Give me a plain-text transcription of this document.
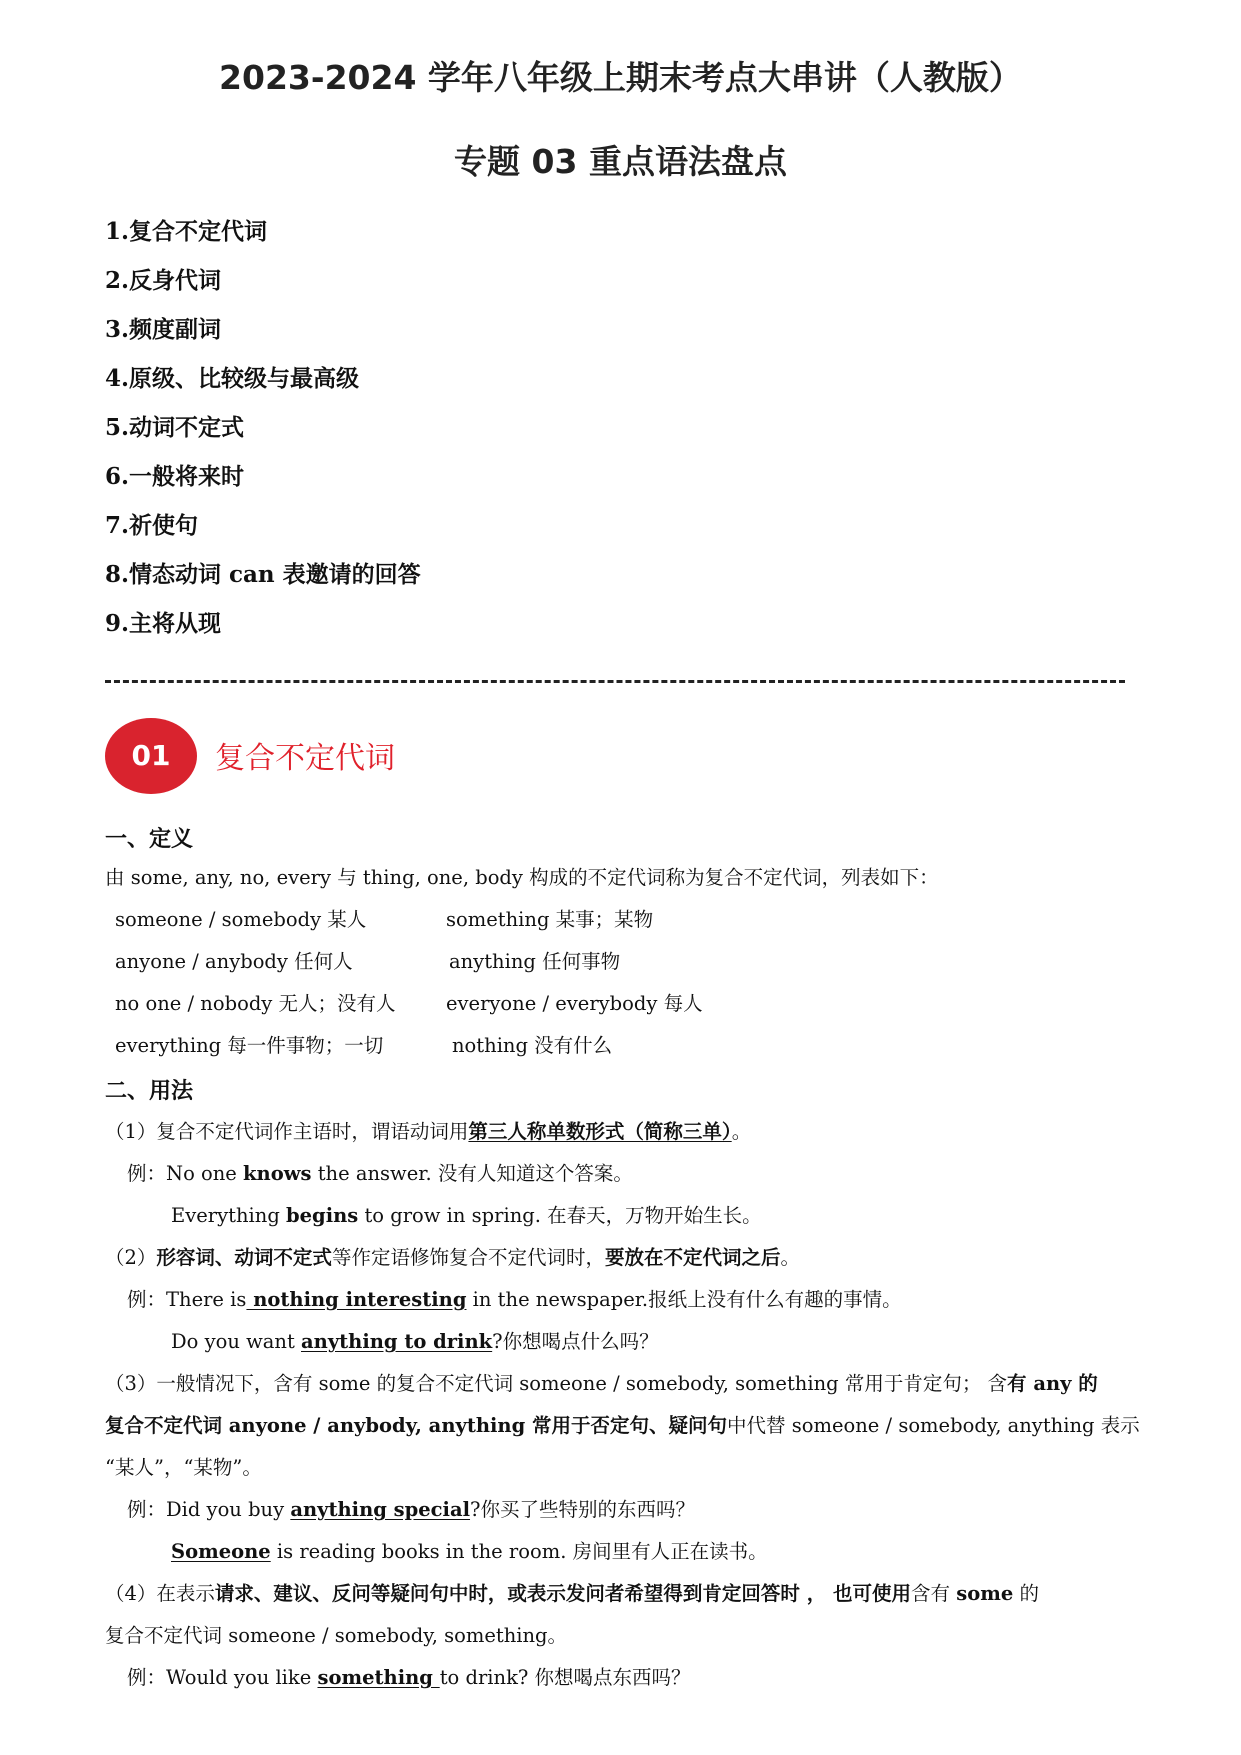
2023-2024 学年八年级上期末考点大串讲（人教版）
专题 03 重点语法盘点
1.复合不定代词
2.反身代词
3.频度副词
4.原级、比较级与最高级
5.动词不定式
6.一般将来时
7.祈使句
8.情态动词 can 表邀请的回答
9.主将从现
01	复合不定代词
一、定义
由 some, any, no, every 与 thing, one, body 构成的不定代词称为复合不定代词，列表如下：
someone / somebody 某人	something 某事；某物
anyone / anybody 任何人	anything 任何事物
no one / nobody 无人；没有人	everyone / everybody 每人
everything 每一件事物；一切	nothing 没有什么
二、用法
（1）复合不定代词作主语时，谓语动词用第三人称单数形式（简称三单）。
例：No one knows the answer. 没有人知道这个答案。
Everything begins to grow in spring. 在春天，万物开始生长。
（2）形容词、动词不定式等作定语修饰复合不定代词时，要放在不定代词之后。
例：There is nothing interesting in the newspaper.报纸上没有什么有趣的事情。
Do you want anything to drink?你想喝点什么吗？
（3）一般情况下，含有 some 的复合不定代词 someone / somebody, something 常用于肯定句； 含有 any 的
复合不定代词 anyone / anybody, anything 常用于否定句、疑问句中代替 someone / somebody, anything 表示
“某人”，“某物”。
例：Did you buy anything special?你买了些特别的东西吗？
Someone is reading books in the room. 房间里有人正在读书。
（4）在表示请求、建议、反问等疑问句中时，或表示发问者希望得到肯定回答时 ， 也可使用含有 some 的
复合不定代词 someone / somebody, something。
例：Would you like something to drink? 你想喝点东西吗？
